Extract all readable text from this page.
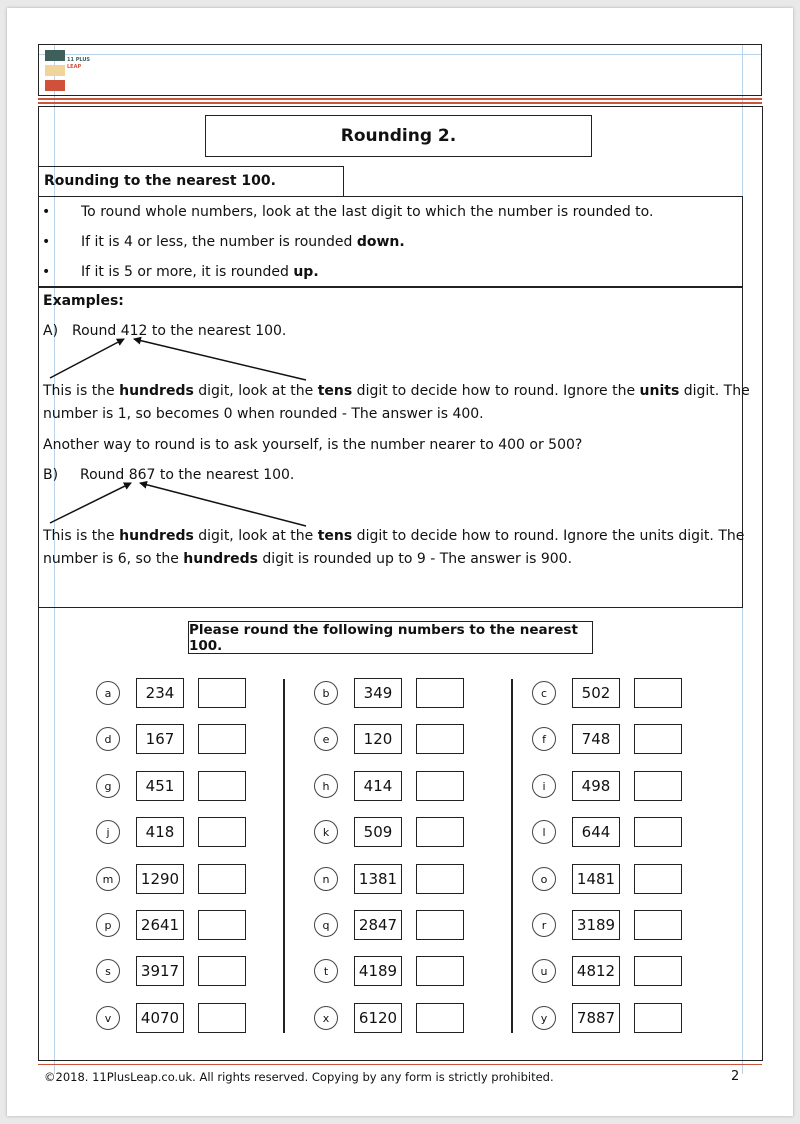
11 PLUS
LEAP
Rounding 2.
Rounding to the nearest 100.
• To round whole numbers, look at the last digit to which the number is rounded to.
• If it is 4 or less, the number is rounded down.
• If it is 5 or more, it is rounded up.
Examples:
A) Round 412 to the nearest 100.
This is the hundreds digit, look at the tens digit to decide how to round. Ignore the units digit. The
number is 1, so becomes 0 when rounded - The answer is 400.
Another way to round is to ask yourself, is the number nearer to 400 or 500?
B) Round 867 to the nearest 100.
This is the hundreds digit, look at the tens digit to decide how to round. Ignore the units digit. The
number is 6, so the hundreds digit is rounded up to 9 - The answer is 900.
Please round the following numbers to the nearest 100.
a	234
d	167
g	451
j	418
m	1290
p	2641
s	3917
v	4070
b	349
e	120
h	414
k	509
n	1381
q	2847
t	4189
x	6120
c	502
f	748
i	498
l	644
o	1481
r	3189
u	4812
y	7887
©2018. 11PlusLeap.co.uk. All rights reserved. Copying by any form is strictly prohibited.	2
